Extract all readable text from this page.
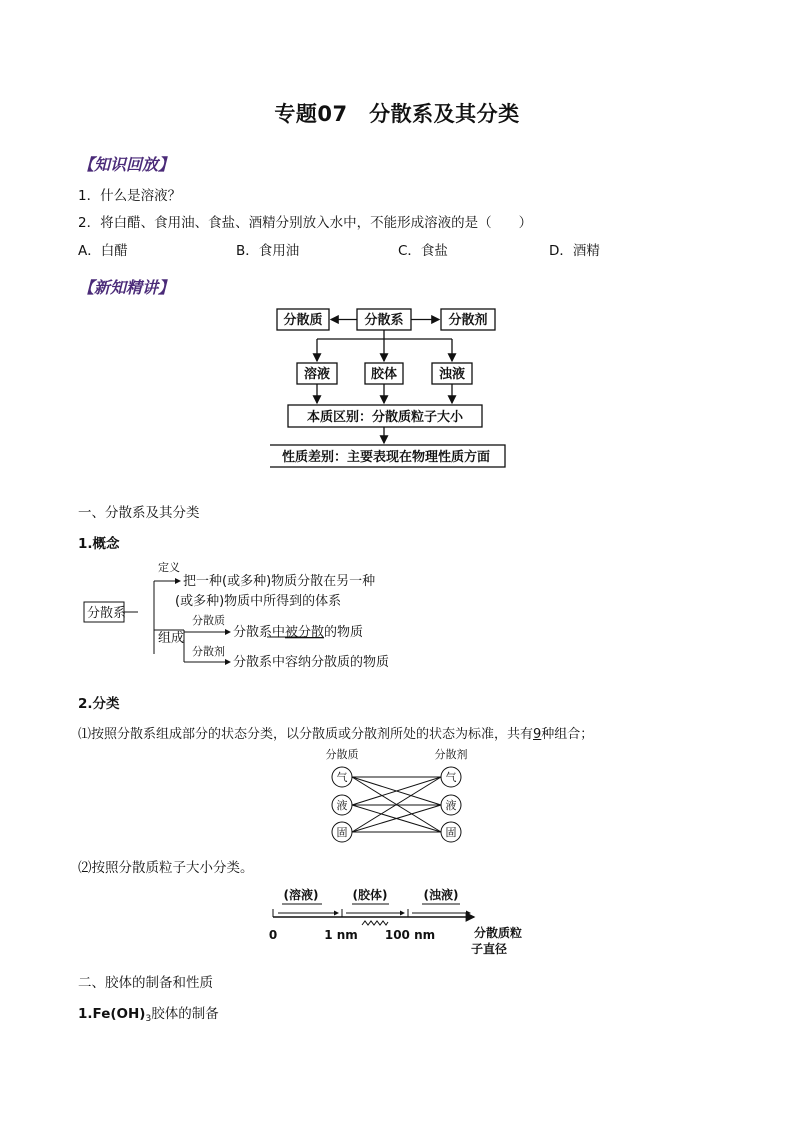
专题07　分散系及其分类
【知识回放】
1．什么是溶液？
2．将白醋、食用油、食盐、酒精分别放入水中，不能形成溶液的是（　　）
A．白醋	B．食用油	C．食盐	D．酒精
【新知精讲】
分散质	分散系	分散剂
溶液	胶体	浊液
本质区别：分散质粒子大小
性质差别：主要表现在物理性质方面
一、分散系及其分类
1.概念
分散系
定义
把一种(或多种)物质分散在另一种
(或多种)物质中所得到的体系
组成
分散质
分散系中被分散的物质
分散剂
分散系中容纳分散质的物质
2.分类
⑴按照分散系组成部分的状态分类，以分散质或分散剂所处的状态为标准，共有9种组合；
分散质	分散剂
气
液
固
气
液
固
⑵按照分散质粒子大小分类。
(溶液)	(胶体)	(浊液)
0	1 nm 100 nm	分散质粒
子直径
二、胶体的制备和性质
$1.Fe(OH)_3$胶体的制备
